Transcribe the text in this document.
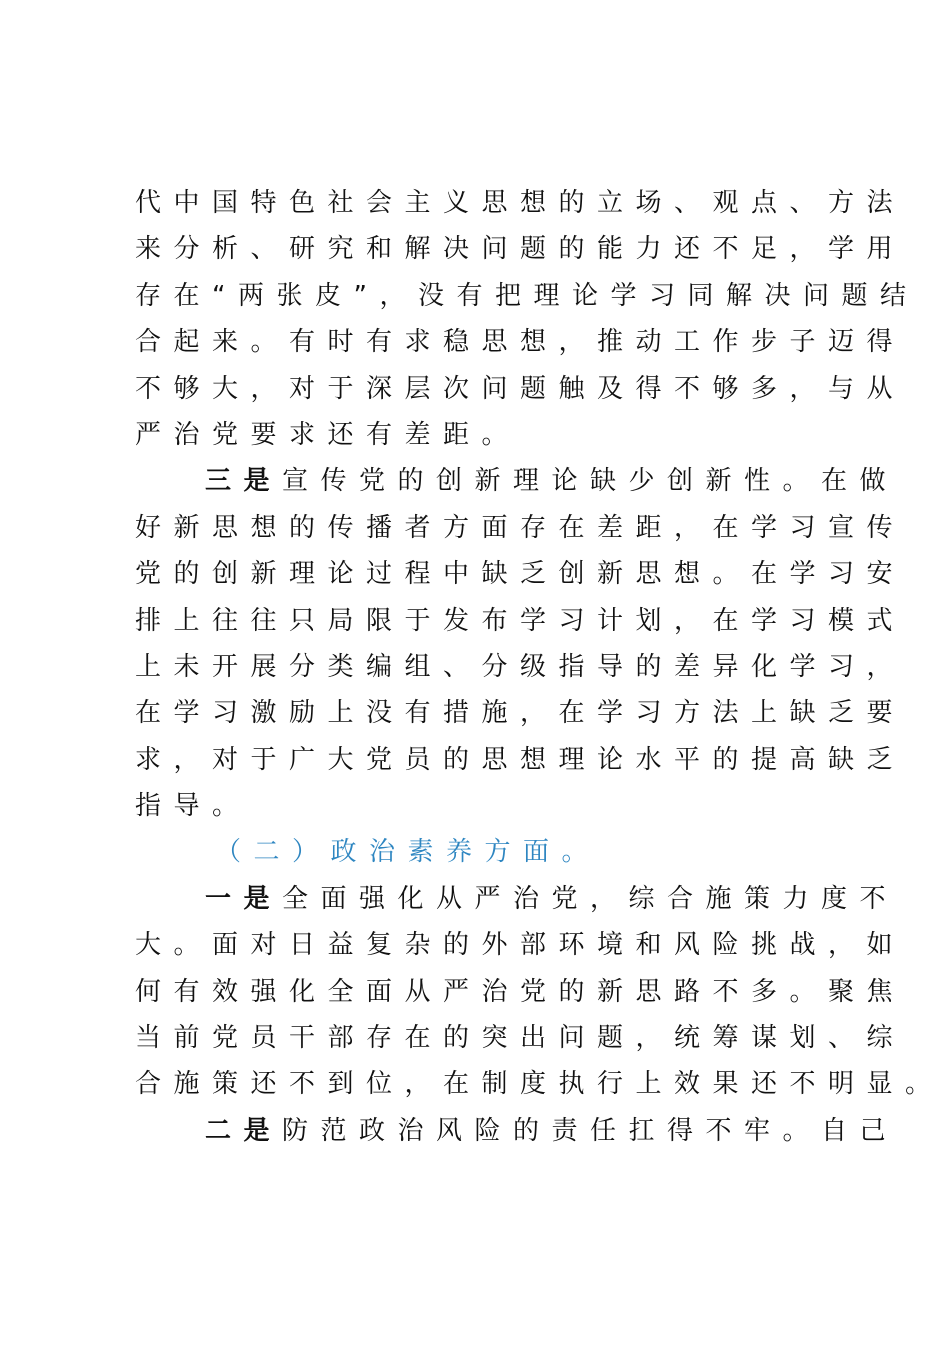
代中国特色社会主义思想的立场、观点、方法
来分析、研究和解决问题的能力还不足，学用
存在“两张皮”，没有把理论学习同解决问题结
合起来。有时有求稳思想，推动工作步子迈得
不够大，对于深层次问题触及得不够多，与从
严治党要求还有差距。
三是宣传党的创新理论缺少创新性。在做
好新思想的传播者方面存在差距，在学习宣传
党的创新理论过程中缺乏创新思想。在学习安
排上往往只局限于发布学习计划，在学习模式
上未开展分类编组、分级指导的差异化学习，
在学习激励上没有措施，在学习方法上缺乏要
求，对于广大党员的思想理论水平的提高缺乏
指导。
（二）政治素养方面。
一是全面强化从严治党，综合施策力度不
大。面对日益复杂的外部环境和风险挑战，如
何有效强化全面从严治党的新思路不多。聚焦
当前党员干部存在的突出问题，统筹谋划、综
合施策还不到位，在制度执行上效果还不明显。
二是防范政治风险的责任扛得不牢。自己
